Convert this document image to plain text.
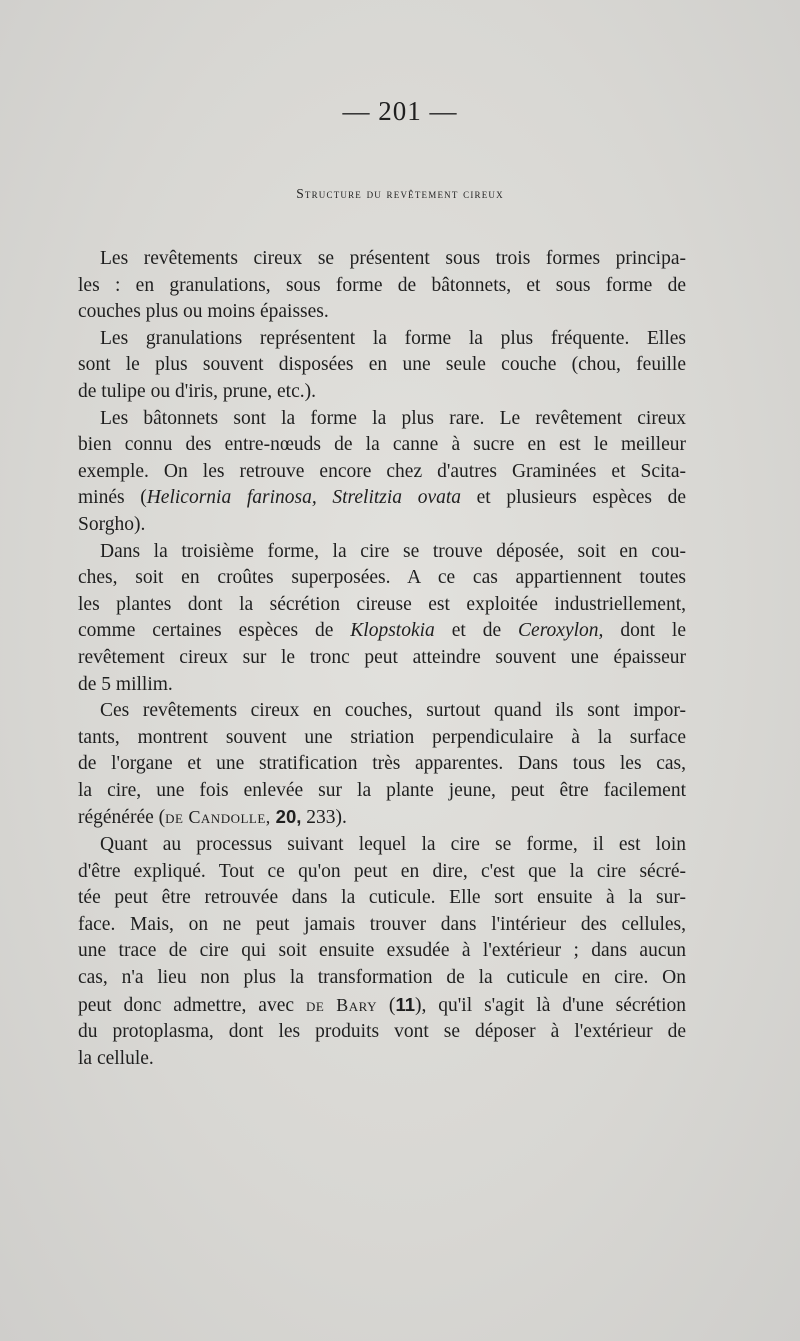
— 201 —
Structure du revêtement cireux
Les revêtements cireux se présentent sous trois formes principa-
les : en granulations, sous forme de bâtonnets, et sous forme de
couches plus ou moins épaisses.
Les granulations représentent la forme la plus fréquente. Elles
sont le plus souvent disposées en une seule couche (chou, feuille
de tulipe ou d'iris, prune, etc.).
Les bâtonnets sont la forme la plus rare. Le revêtement cireux
bien connu des entre-nœuds de la canne à sucre en est le meilleur
exemple. On les retrouve encore chez d'autres Graminées et Scita-
minés (Helicornia farinosa, Strelitzia ovata et plusieurs espèces de
Sorgho).
Dans la troisième forme, la cire se trouve déposée, soit en cou-
ches, soit en croûtes superposées. A ce cas appartiennent toutes
les plantes dont la sécrétion cireuse est exploitée industriellement,
comme certaines espèces de Klopstokia et de Ceroxylon, dont le
revêtement cireux sur le tronc peut atteindre souvent une épaisseur
de 5 millim.
Ces revêtements cireux en couches, surtout quand ils sont impor-
tants, montrent souvent une striation perpendiculaire à la surface
de l'organe et une stratification très apparentes. Dans tous les cas,
la cire, une fois enlevée sur la plante jeune, peut être facilement
régénérée (de Candolle, 20, 233).
Quant au processus suivant lequel la cire se forme, il est loin
d'être expliqué. Tout ce qu'on peut en dire, c'est que la cire sécré-
tée peut être retrouvée dans la cuticule. Elle sort ensuite à la sur-
face. Mais, on ne peut jamais trouver dans l'intérieur des cellules,
une trace de cire qui soit ensuite exsudée à l'extérieur ; dans aucun
cas, n'a lieu non plus la transformation de la cuticule en cire. On
peut donc admettre, avec de Bary (11), qu'il s'agit là d'une sécrétion
du protoplasma, dont les produits vont se déposer à l'extérieur de
la cellule.
